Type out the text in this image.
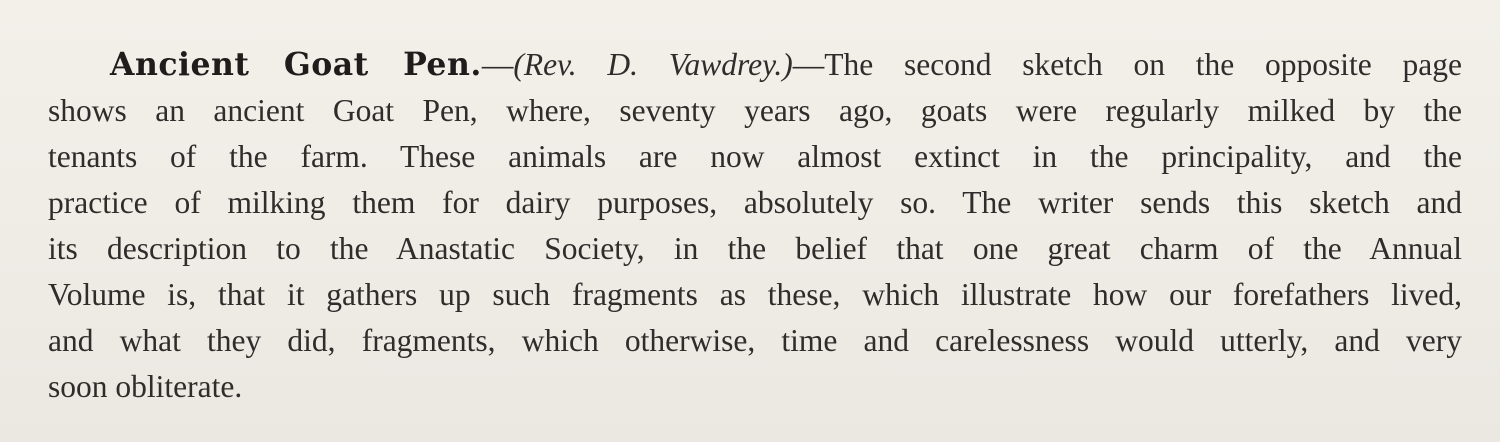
Ancient Goat Pen.—(Rev. D. Vawdrey.)—The second sketch on the opposite page
shows an ancient Goat Pen, where, seventy years ago, goats were regularly milked by the
tenants of the farm. These animals are now almost extinct in the principality, and the
practice of milking them for dairy purposes, absolutely so. The writer sends this sketch and
its description to the Anastatic Society, in the belief that one great charm of the Annual
Volume is, that it gathers up such fragments as these, which illustrate how our forefathers lived,
and what they did, fragments, which otherwise, time and carelessness would utterly, and very
soon obliterate.
